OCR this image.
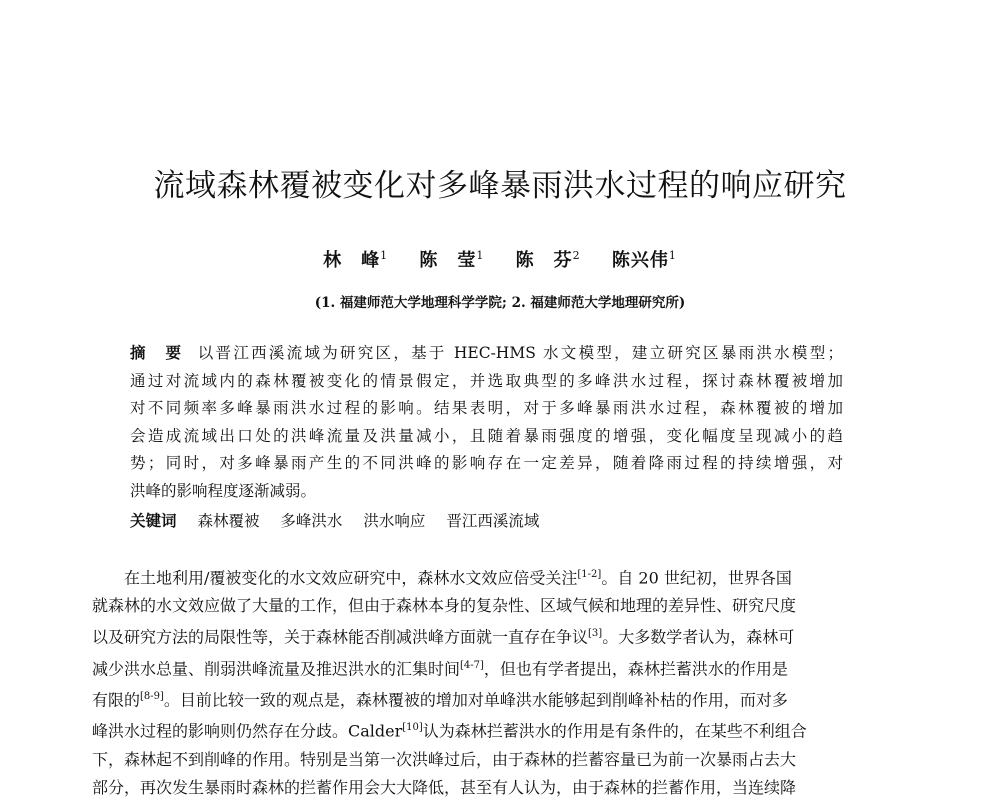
流域森林覆被变化对多峰暴雨洪水过程的响应研究
林　峰$^1$ 陈　莹$^1$ 陈　芬$^2$ 陈兴伟$^1$
(1. 福建师范大学地理科学学院; 2. 福建师范大学地理研究所)
摘　要 以晋江西溪流域为研究区，基于 HEC-HMS 水文模型，建立研究区暴雨洪水模型；
通过对流域内的森林覆被变化的情景假定，并选取典型的多峰洪水过程，探讨森林覆被增加
对不同频率多峰暴雨洪水过程的影响。结果表明，对于多峰暴雨洪水过程，森林覆被的增加
会造成流域出口处的洪峰流量及洪量减小，且随着暴雨强度的增强，变化幅度呈现减小的趋
势；同时，对多峰暴雨产生的不同洪峰的影响存在一定差异，随着降雨过程的持续增强，对
洪峰的影响程度逐渐减弱。
关键词 森林覆被 多峰洪水 洪水响应 晋江西溪流域
在土地利用/覆被变化的水文效应研究中，森林水文效应倍受关注[1-2]。自 20 世纪初，世界各国
就森林的水文效应做了大量的工作，但由于森林本身的复杂性、区域气候和地理的差异性、研究尺度
以及研究方法的局限性等，关于森林能否削减洪峰方面就一直存在争议[3]。大多数学者认为，森林可
减少洪水总量、削弱洪峰流量及推迟洪水的汇集时间[4-7]，但也有学者提出，森林拦蓄洪水的作用是
有限的[8-9]。目前比较一致的观点是，森林覆被的增加对单峰洪水能够起到削峰补枯的作用，而对多
峰洪水过程的影响则仍然存在分歧。Calder[10]认为森林拦蓄洪水的作用是有条件的，在某些不利组合
下，森林起不到削峰的作用。特别是当第一次洪峰过后，由于森林的拦蓄容量已为前一次暴雨占去大
部分，再次发生暴雨时森林的拦蓄作用会大大降低，甚至有人认为，由于森林的拦蓄作用，当连续降
